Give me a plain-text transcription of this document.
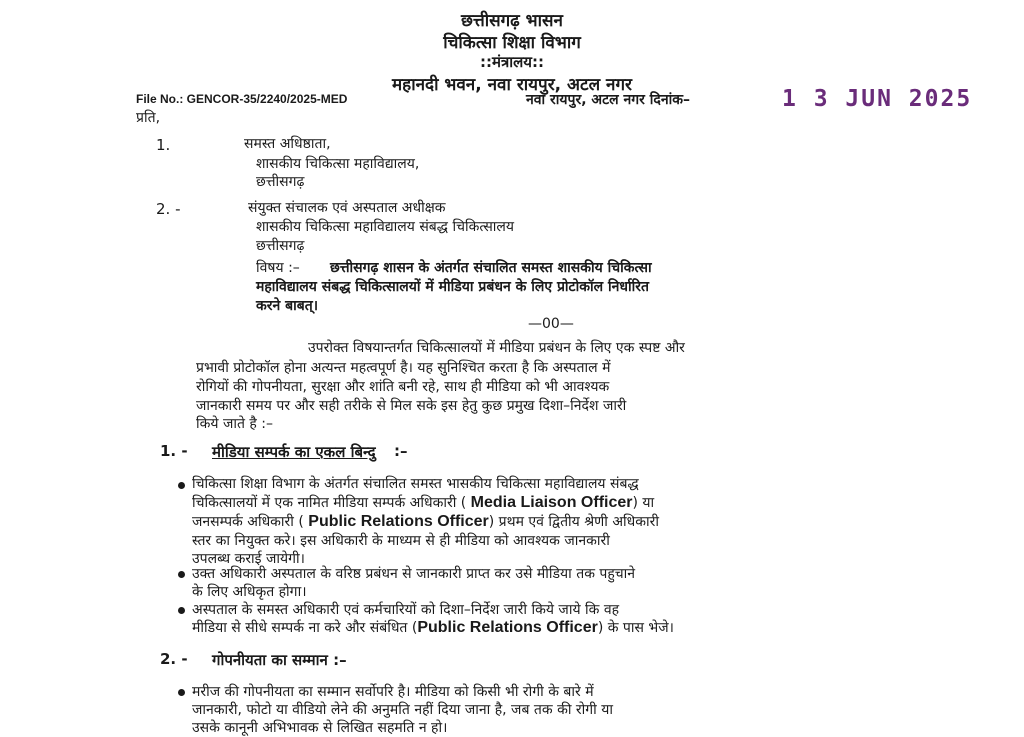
छत्तीसगढ़ भासन
चिकित्सा शिक्षा विभाग
::मंत्रालय::
महानदी भवन, नवा रायपुर, अटल नगर
File No.: GENCOR-35/2240/2025-MED	नवा रायपुर, अटल नगर दिनांक–	1 3 JUN 2025
प्रति,
1.	समस्त अधिष्ठाता,
शासकीय चिकित्सा महाविद्यालय,
छत्तीसगढ़
2. -	संयुक्त संचालक एवं अस्पताल अधीक्षक
शासकीय चिकित्सा महाविद्यालय संबद्ध चिकित्सालय
छत्तीसगढ़
विषय :– छत्तीसगढ़ शासन के अंतर्गत संचालित समस्त शासकीय चिकित्सा
महाविद्यालय संबद्ध चिकित्सालयों में मीडिया प्रबंधन के लिए प्रोटोकॉल निर्धारित
करने बाबत्।
—00—
उपरोक्त विषयान्तर्गत चिकित्सालयों में मीडिया प्रबंधन के लिए एक स्पष्ट और
प्रभावी प्रोटोकॉल होना अत्यन्त महत्वपूर्ण है। यह सुनिश्चित करता है कि अस्पताल में
रोगियों की गोपनीयता, सुरक्षा और शांति बनी रहे, साथ ही मीडिया को भी आवश्यक
जानकारी समय पर और सही तरीके से मिल सके इस हेतु कुछ प्रमुख दिशा–निर्देश जारी
किये जाते है :–
1. - मीडिया सम्पर्क का एकल बिन्दु :–
चिकित्सा शिक्षा विभाग के अंतर्गत संचालित समस्त भासकीय चिकित्सा महाविद्यालय संबद्ध
चिकित्सालयों में एक नामित मीडिया सम्पर्क अधिकारी ( Media Liaison Officer) या
जनसम्पर्क अधिकारी ( Public Relations Officer) प्रथम एवं द्वितीय श्रेणी अधिकारी
स्तर का नियुक्त करे। इस अधिकारी के माध्यम से ही मीडिया को आवश्यक जानकारी
उपलब्ध कराई जायेगी।
उक्त अधिकारी अस्पताल के वरिष्ठ प्रबंधन से जानकारी प्राप्त कर उसे मीडिया तक पहुचाने
के लिए अधिकृत होगा।
अस्पताल के समस्त अधिकारी एवं कर्मचारियों को दिशा–निर्देश जारी किये जाये कि वह
मीडिया से सीधे सम्पर्क ना करे और संबंधित (Public Relations Officer) के पास भेजे।
2. - गोपनीयता का सम्मान :–
मरीज की गोपनीयता का सम्मान सर्वोपरि है। मीडिया को किसी भी रोगी के बारे में
जानकारी, फोटो या वीडियो लेने की अनुमति नहीं दिया जाना है, जब तक की रोगी या
उसके कानूनी अभिभावक से लिखित सहमति न हो।
